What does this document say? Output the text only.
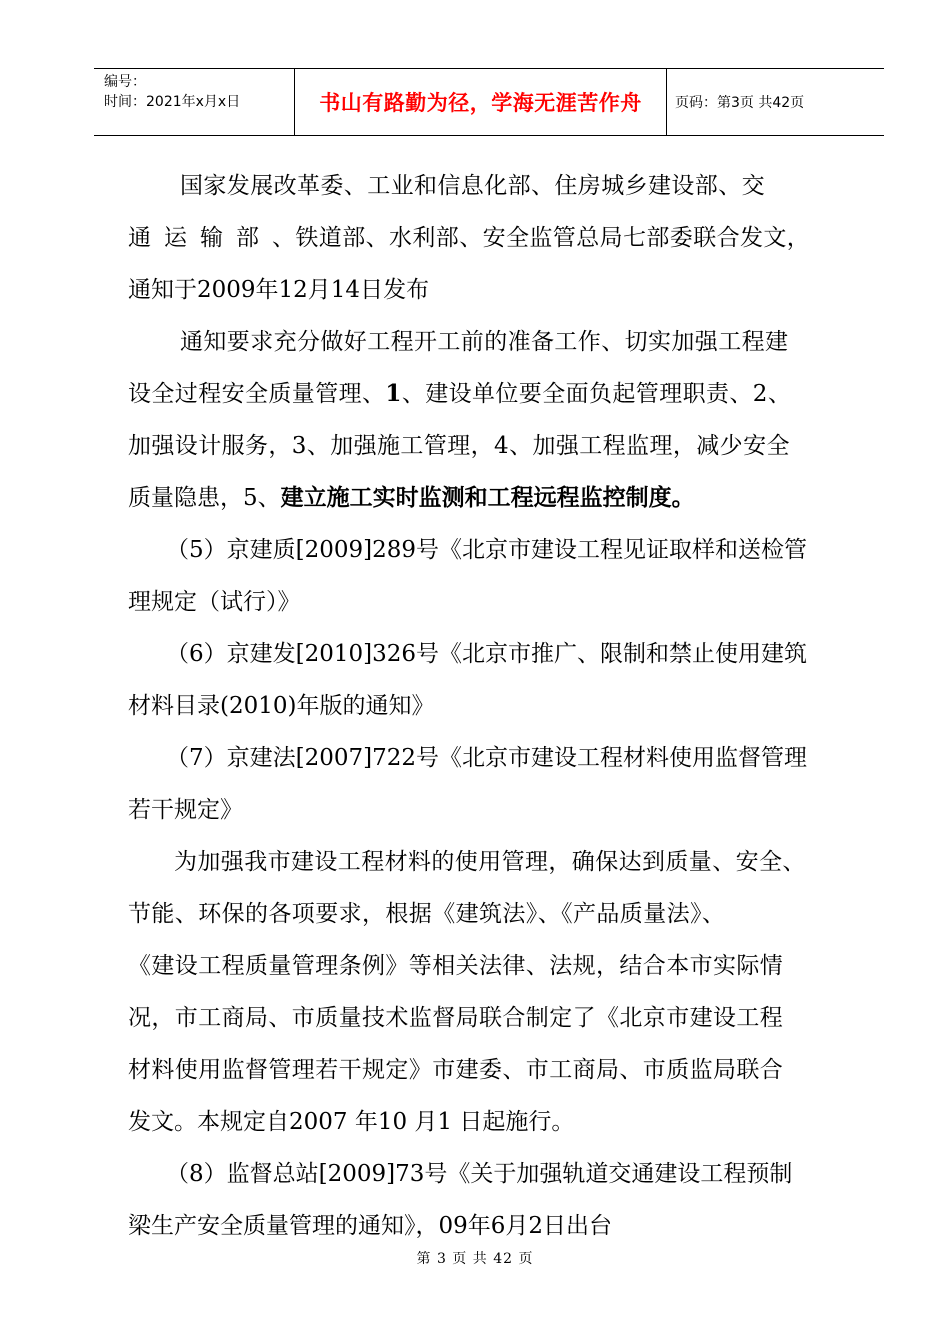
编号：
时间：2021年x月x日	书山有路勤为径，学海无涯苦作舟	页码：第3页 共42页

国家发展改革委、工业和信息化部、住房城乡建设部、交

通运输部、铁道部、水利部、安全监管总局七部委联合发文，

通知于2009年12月14日发布

通知要求充分做好工程开工前的准备工作、切实加强工程建

设全过程安全质量管理、1、建设单位要全面负起管理职责、2、

加强设计服务，3、加强施工管理，4、加强工程监理，减少安全

质量隐患，5、建立施工实时监测和工程远程监控制度。

（5）京建质[2009]289号《北京市建设工程见证取样和送检管

理规定（试行）》

（6）京建发[2010]326号《北京市推广、限制和禁止使用建筑

材料目录(2010)年版的通知》

（7）京建法[2007]722号《北京市建设工程材料使用监督管理

若干规定》

为加强我市建设工程材料的使用管理，确保达到质量、安全、

节能、环保的各项要求，根据《建筑法》、《产品质量法》、

《建设工程质量管理条例》等相关法律、法规，结合本市实际情

况，市工商局、市质量技术监督局联合制定了《北京市建设工程

材料使用监督管理若干规定》市建委、市工商局、市质监局联合

发文。本规定自2007 年10 月1 日起施行。

（8）监督总站[2009]73号《关于加强轨道交通建设工程预制

梁生产安全质量管理的通知》，09年6月2日出台

第 3 页 共 42 页
